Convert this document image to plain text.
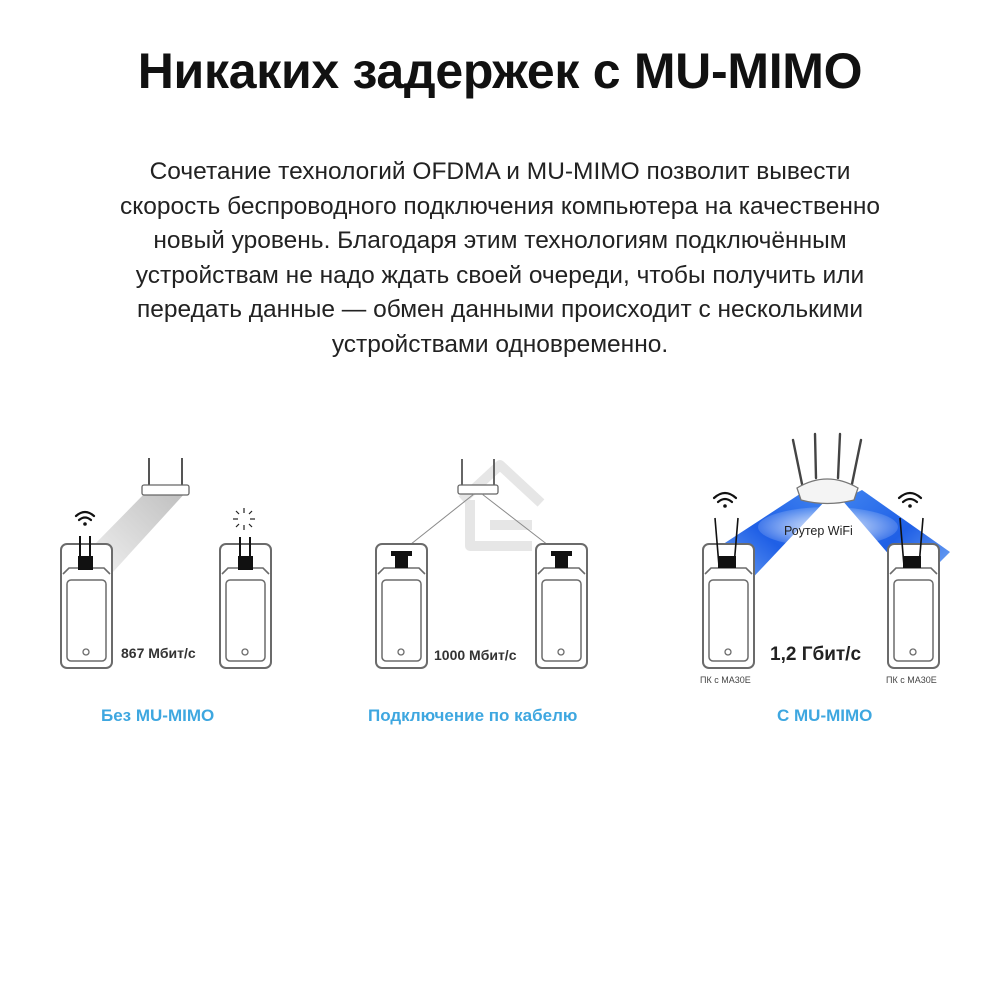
Никаких задержек с MU-MIMO
Сочетание технологий OFDMA и MU-MIMO позволит вывести
скорость беспроводного подключения компьютера на качественно
новый уровень. Благодаря этим технологиям подключённым
устройствам не надо ждать своей очереди, чтобы получить или
передать данные — обмен данными происходит с несколькими
устройствами одновременно.
867 Мбит/с	1000 Мбит/с	1,2 Гбит/с
Роутер WiFi
ПК с MA30E	ПК с MA30E
Без MU-MIMO	Подключение по кабелю	С MU-MIMO
